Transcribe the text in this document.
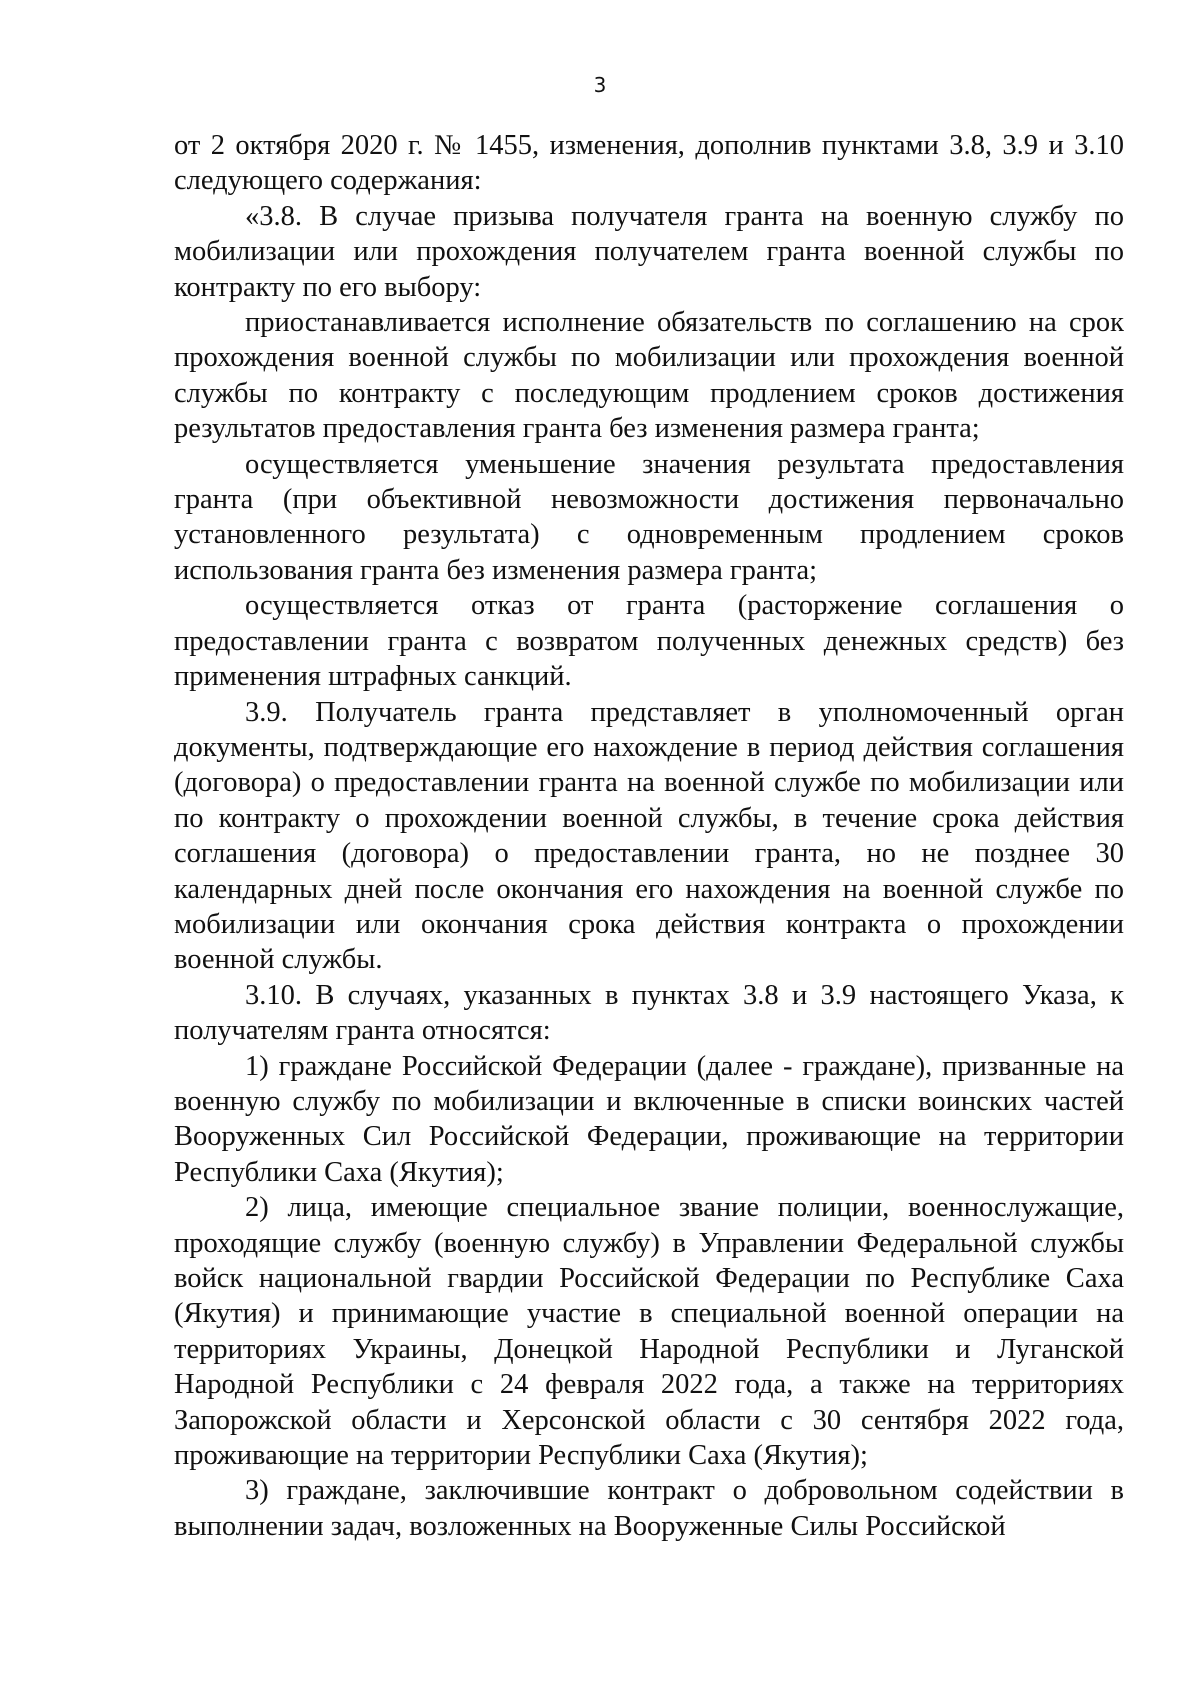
3

от 2 октября 2020 г. № 1455, изменения, дополнив пунктами 3.8, 3.9 и 3.10 следующего содержания:

«3.8. В случае призыва получателя гранта на военную службу по мобилизации или прохождения получателем гранта военной службы по контракту по его выбору:

приостанавливается исполнение обязательств по соглашению на срок прохождения военной службы по мобилизации или прохождения военной службы по контракту с последующим продлением сроков достижения результатов предоставления гранта без изменения размера гранта;

осуществляется уменьшение значения результата предоставления гранта (при объективной невозможности достижения первоначально установленного результата) с одновременным продлением сроков использования гранта без изменения размера гранта;

осуществляется отказ от гранта (расторжение соглашения о предоставлении гранта с возвратом полученных денежных средств) без применения штрафных санкций.

3.9. Получатель гранта представляет в уполномоченный орган документы, подтверждающие его нахождение в период действия соглашения (договора) о предоставлении гранта на военной службе по мобилизации или по контракту о прохождении военной службы, в течение срока действия соглашения (договора) о предоставлении гранта, но не позднее 30 календарных дней после окончания его нахождения на военной службе по мобилизации или окончания срока действия контракта о прохождении военной службы.

3.10. В случаях, указанных в пунктах 3.8 и 3.9 настоящего Указа, к получателям гранта относятся:

1) граждане Российской Федерации (далее - граждане), призванные на военную службу по мобилизации и включенные в списки воинских частей Вооруженных Сил Российской Федерации, проживающие на территории Республики Саха (Якутия);

2) лица, имеющие специальное звание полиции, военнослужащие, проходящие службу (военную службу) в Управлении Федеральной службы войск национальной гвардии Российской Федерации по Республике Саха (Якутия) и принимающие участие в специальной военной операции на территориях Украины, Донецкой Народной Республики и Луганской Народной Республики с 24 февраля 2022 года, а также на территориях Запорожской области и Херсонской области с 30 сентября 2022 года, проживающие на территории Республики Саха (Якутия);

3) граждане, заключившие контракт о добровольном содействии в выполнении задач, возложенных на Вооруженные Силы Российской
